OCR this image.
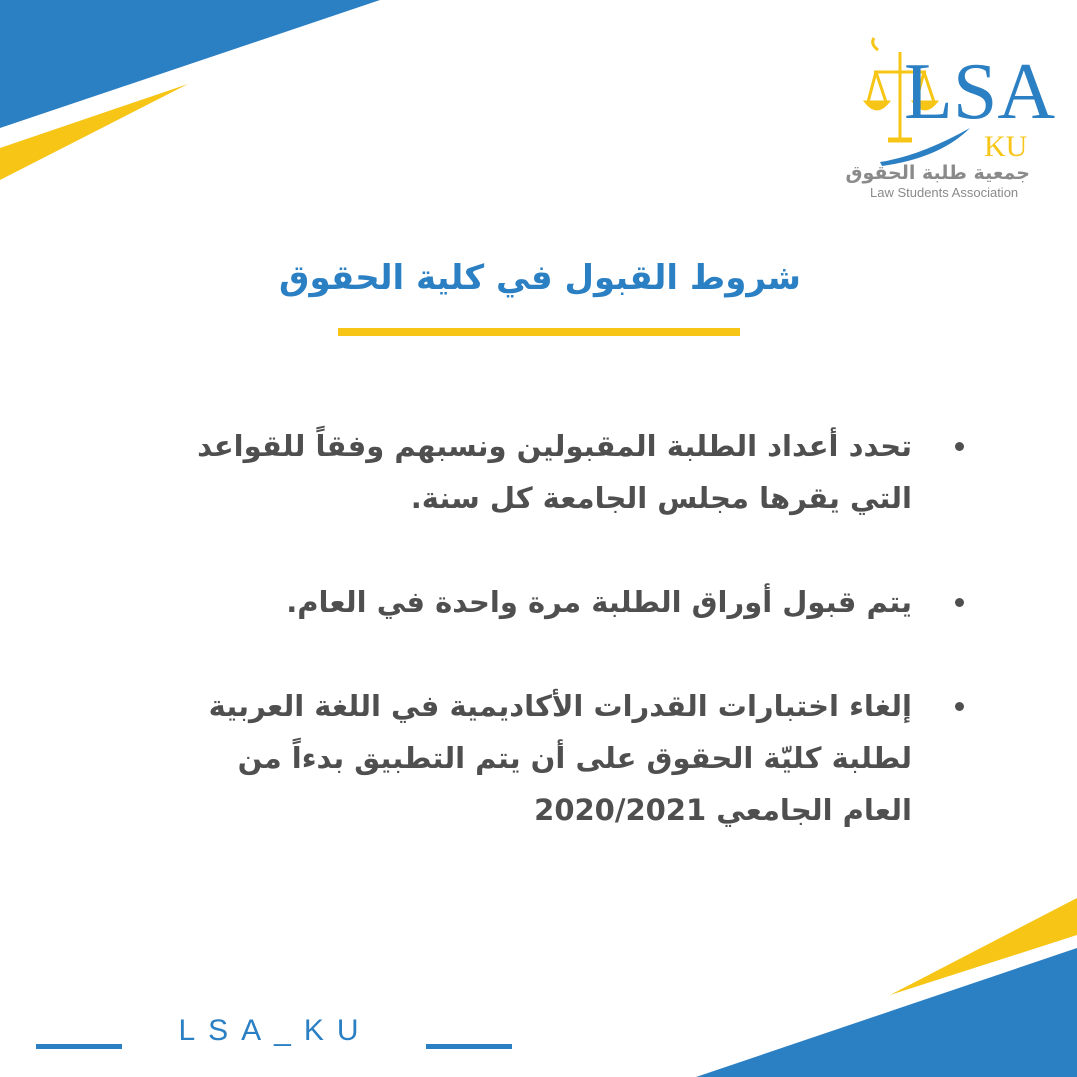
LSA
KU
جمعية طلبة الحقوق
Law Students Association
شروط القبول في كلية الحقوق
تحدد أعداد الطلبة المقبولين ونسبهم وفقاً للقواعد التي يقرها مجلس الجامعة كل سنة.
يتم قبول أوراق الطلبة مرة واحدة في العام.
إلغاء اختبارات القدرات الأكاديمية في اللغة العربية لطلبة كليّة الحقوق على أن يتم التطبيق بدءاً من العام الجامعي 2020/2021
LSA_KU
